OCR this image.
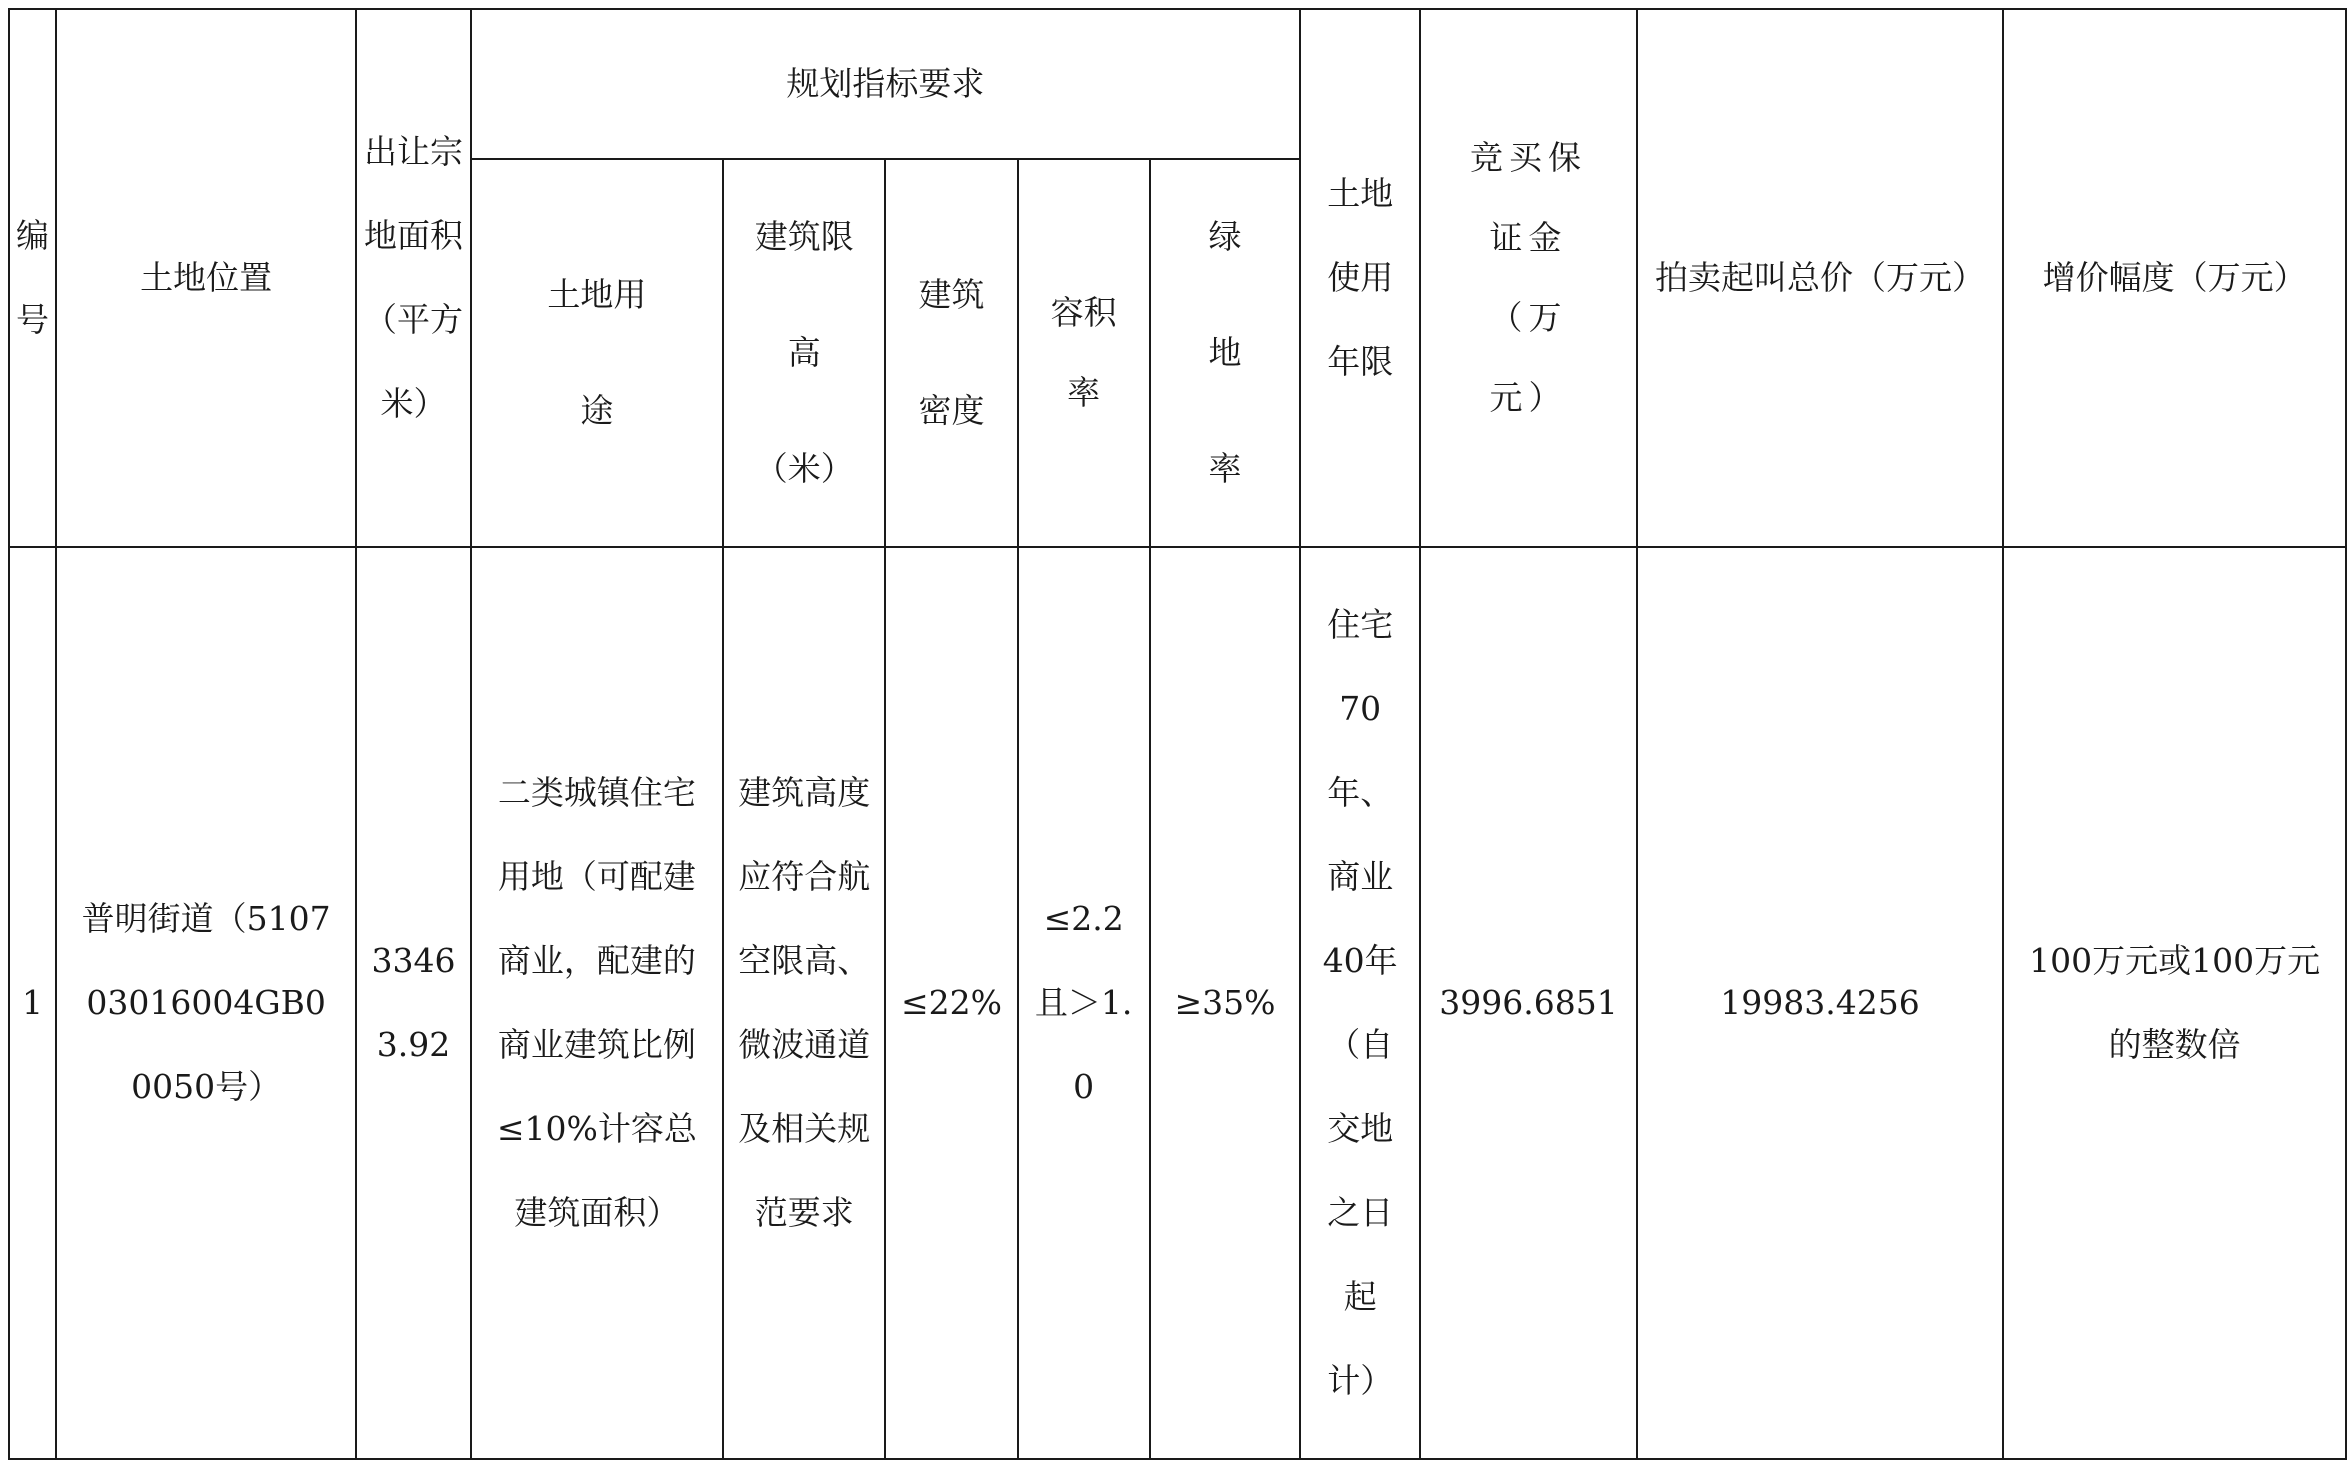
编号	土地位置	出让宗地面积（平方米）	规划指标要求					土地使用年限	竞买保证金（万元）	拍卖起叫总价（万元）	增价幅度（万元）
			土地用途	建筑限高（米）	建筑密度	容积率	绿地率				
1	普明街道（510703016004GB00050号）	33463.92	二类城镇住宅用地（可配建商业，配建的商业建筑比例≤10%计容总建筑面积）	建筑高度应符合航空限高、微波通道及相关规范要求	≤22%	≤2.2且＞1.0	≥35%	住宅70年、商业40年（自交地之日起计）	3996.6851	19983.4256	100万元或100万元的整数倍
